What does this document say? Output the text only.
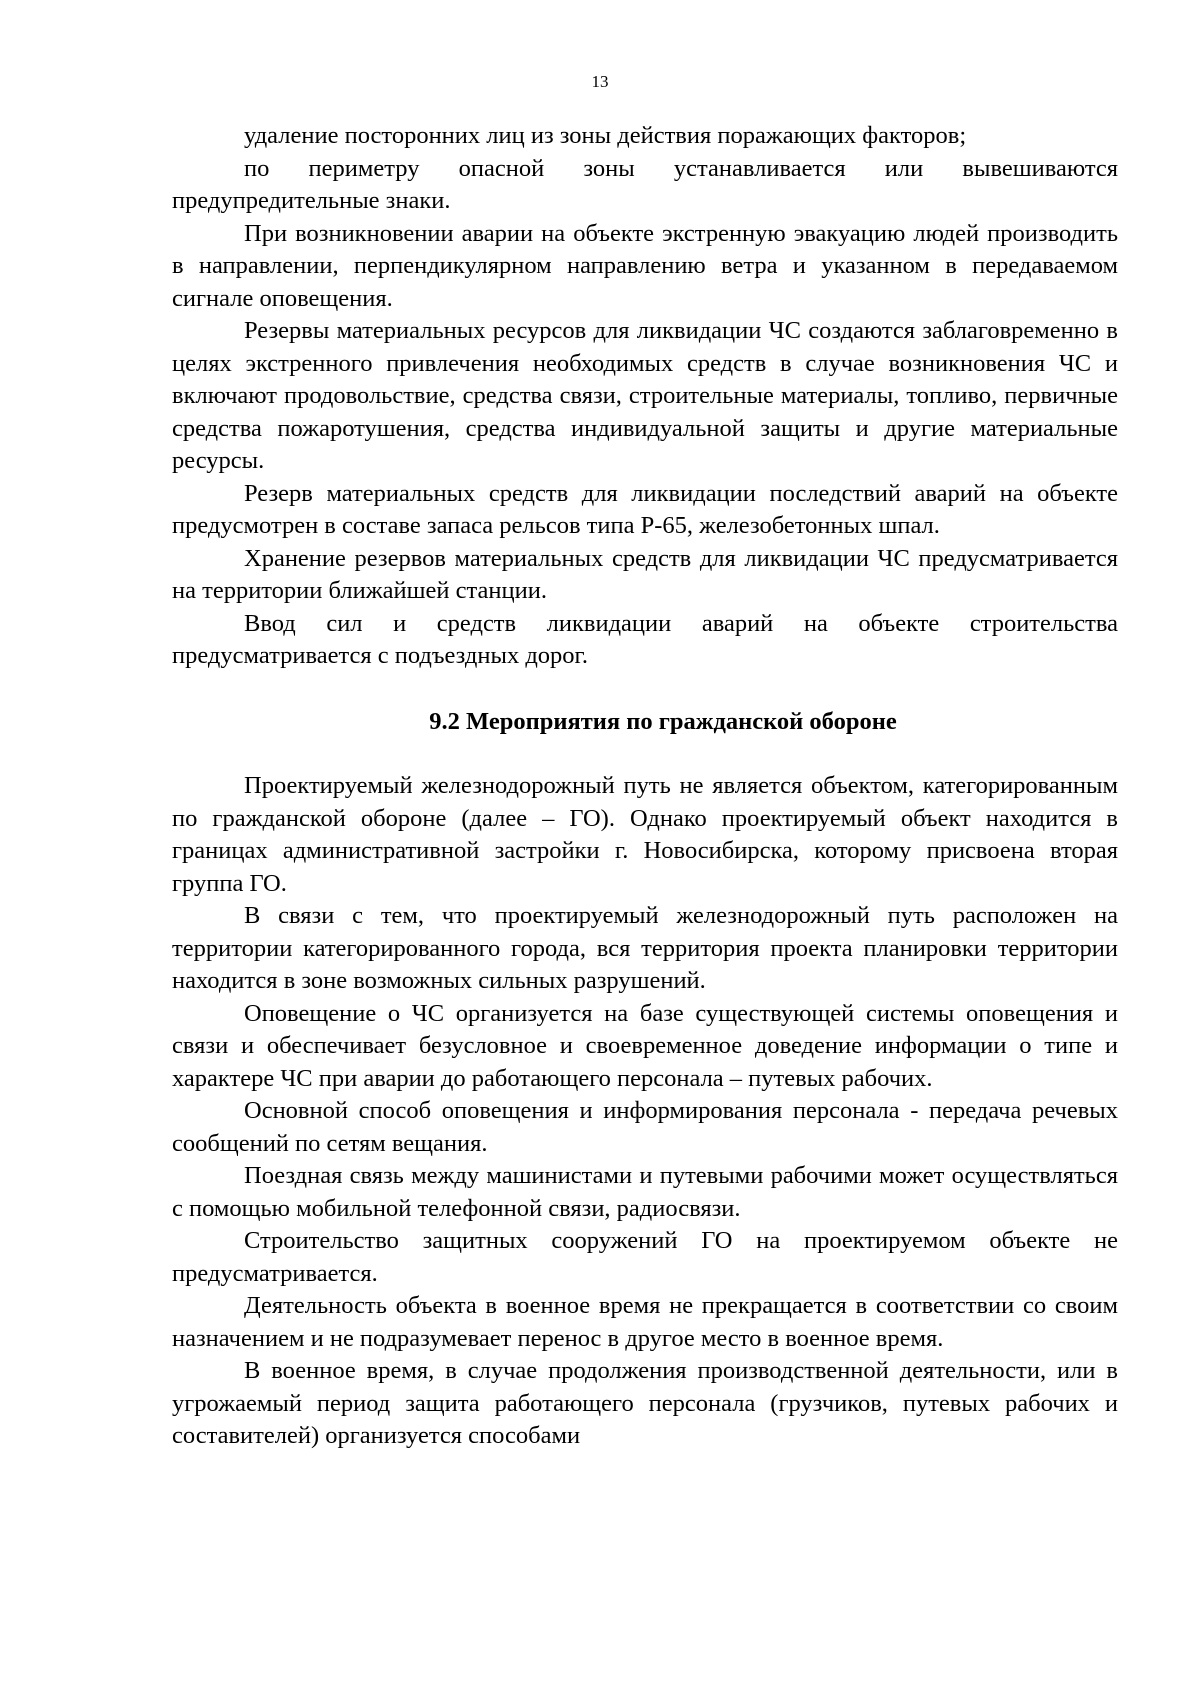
13

удаление посторонних лиц из зоны действия поражающих факторов;

по периметру опасной зоны устанавливается или вывешиваются предупредительные знаки.

При возникновении аварии на объекте экстренную эвакуацию людей производить в направлении, перпендикулярном направлению ветра и указанном в передаваемом сигнале оповещения.

Резервы материальных ресурсов для ликвидации ЧС создаются заблаговременно в целях экстренного привлечения необходимых средств в случае возникновения ЧС и включают продовольствие, средства связи, строительные материалы, топливо, первичные средства пожаротушения, средства индивидуальной защиты и другие материальные ресурсы.

Резерв материальных средств для ликвидации последствий аварий на объекте предусмотрен в составе запаса рельсов типа Р-65, железобетонных шпал.

Хранение резервов материальных средств для ликвидации ЧС предусматривается на территории ближайшей станции.

Ввод сил и средств ликвидации аварий на объекте строительства предусматривается с подъездных дорог.

9.2 Мероприятия по гражданской обороне

Проектируемый железнодорожный путь не является объектом, категорированным по гражданской обороне (далее – ГО). Однако проектируемый объект находится в границах административной застройки г. Новосибирска, которому присвоена вторая группа ГО.

В связи с тем, что проектируемый железнодорожный путь расположен на территории категорированного города, вся территория проекта планировки территории находится в зоне возможных сильных разрушений.

Оповещение о ЧС организуется на базе существующей системы оповещения и связи и обеспечивает безусловное и своевременное доведение информации о типе и характере ЧС при аварии до работающего персонала – путевых рабочих.

Основной способ оповещения и информирования персонала - передача речевых сообщений по сетям вещания.

Поездная связь между машинистами и путевыми рабочими может осуществляться с помощью мобильной телефонной связи, радиосвязи.

Строительство защитных сооружений ГО на проектируемом объекте не предусматривается.

Деятельность объекта в военное время не прекращается в соответствии со своим назначением и не подразумевает перенос в другое место в военное время.

В военное время, в случае продолжения производственной деятельности, или в угрожаемый период защита работающего персонала (грузчиков, путевых рабочих и составителей) организуется способами
